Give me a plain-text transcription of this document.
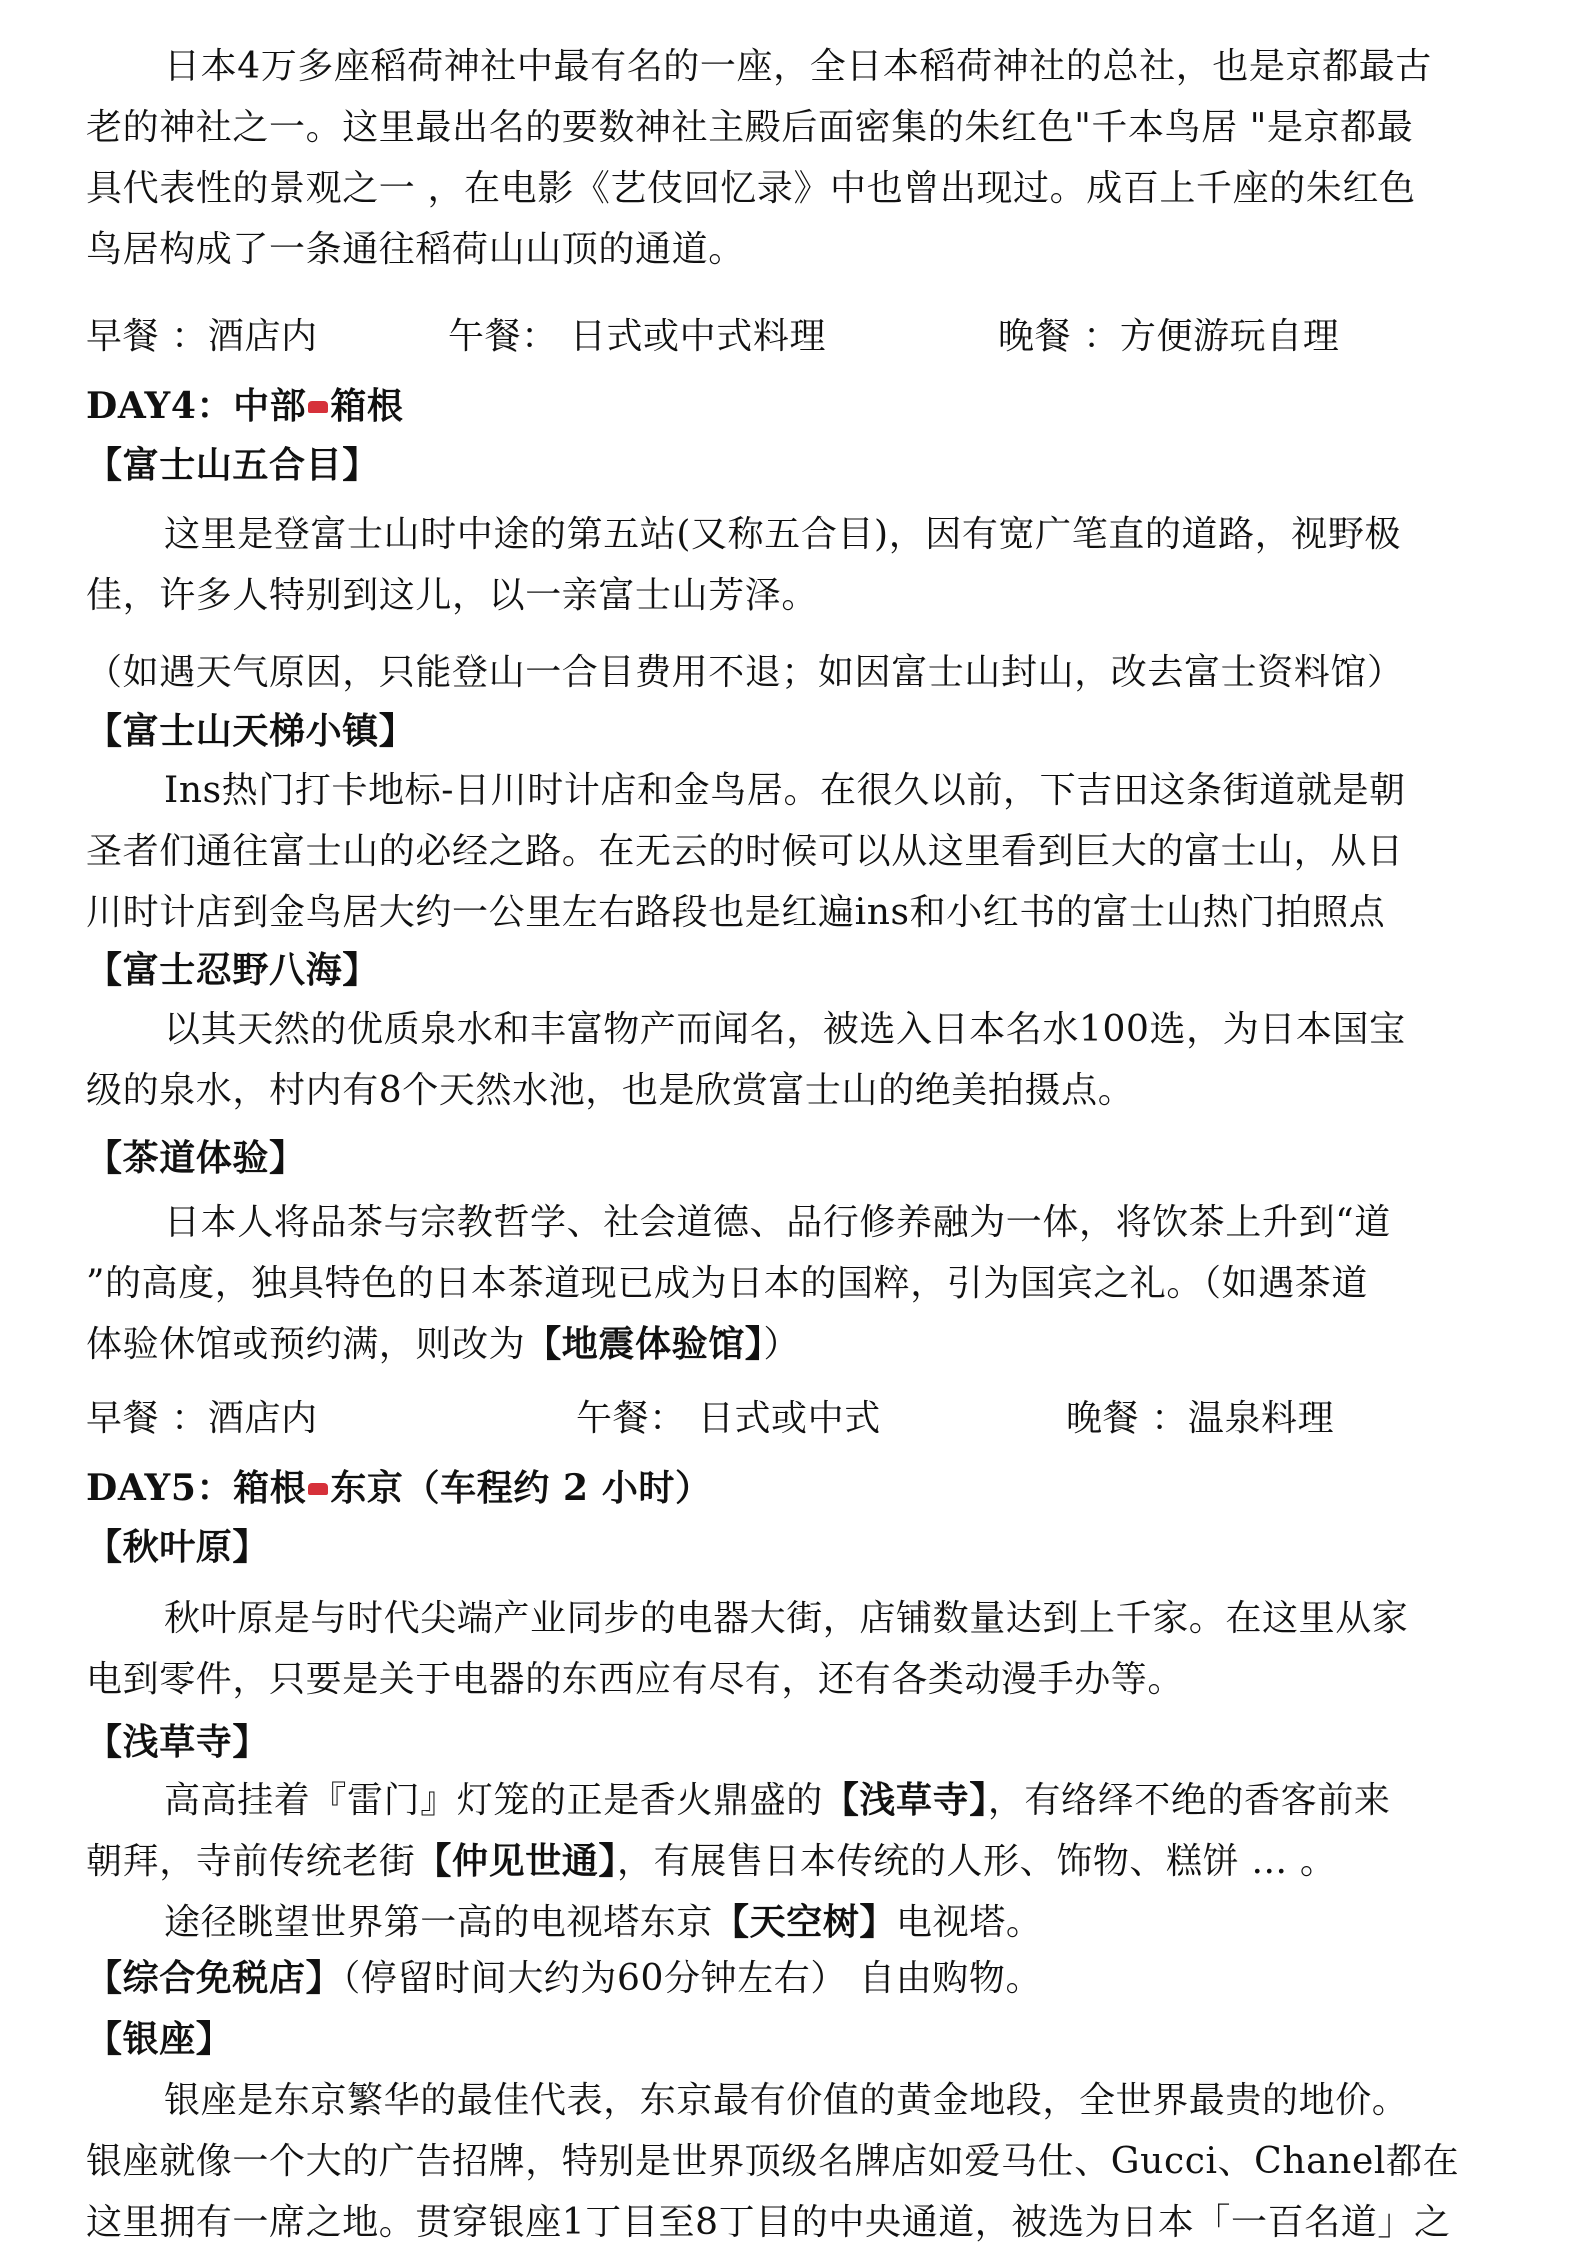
日本4万多座稻荷神社中最有名的一座，全日本稻荷神社的总社，也是京都最古
老的神社之一。这里最出名的要数神社主殿后面密集的朱红色"千本鸟居 "是京都最
具代表性的景观之一 ，在电影《艺伎回忆录》中也曾出现过。成百上千座的朱红色
鸟居构成了一条通往稻荷山山顶的通道。
早餐 ：酒店内	午餐： 日式或中式料理	晚餐 ：方便游玩自理
DAY4：中部 箱根
【富士山五合目】
这里是登富士山时中途的第五站(又称五合目)，因有宽广笔直的道路，视野极
佳，许多人特别到这儿，以一亲富士山芳泽。
（如遇天气原因，只能登山一合目费用不退；如因富士山封山，改去富士资料馆）
【富士山天梯小镇】
Ins热门打卡地标-日川时计店和金鸟居。在很久以前，下吉田这条街道就是朝
圣者们通往富士山的必经之路。在无云的时候可以从这里看到巨大的富士山，从日
川时计店到金鸟居大约一公里左右路段也是红遍ins和小红书的富士山热门拍照点
【富士忍野八海】
以其天然的优质泉水和丰富物产而闻名，被选入日本名水100选，为日本国宝
级的泉水，村内有8个天然水池，也是欣赏富士山的绝美拍摄点。
【茶道体验】
日本人将品茶与宗教哲学、社会道德、品行修养融为一体，将饮茶上升到“道
”的高度，独具特色的日本茶道现已成为日本的国粹，引为国宾之礼。（如遇茶道
体验休馆或预约满，则改为【地震体验馆】）
早餐 ：酒店内	午餐： 日式或中式	晚餐 ：温泉料理
DAY5：箱根 东京（车程约 2 小时）
【秋叶原】
秋叶原是与时代尖端产业同步的电器大街，店铺数量达到上千家。在这里从家
电到零件，只要是关于电器的东西应有尽有，还有各类动漫手办等。
【浅草寺】
高高挂着『雷门』灯笼的正是香火鼎盛的【浅草寺】，有络绎不绝的香客前来
朝拜，寺前传统老街【仲见世通】，有展售日本传统的人形、饰物、糕饼 … 。
途径眺望世界第一高的电视塔东京【天空树】电视塔。
【综合免税店】（停留时间大约为60分钟左右） 自由购物。
【银座】
银座是东京繁华的最佳代表，东京最有价值的黄金地段，全世界最贵的地价。
银座就像一个大的广告招牌，特别是世界顶级名牌店如爱马仕、Gucci、Chanel都在
这里拥有一席之地。贯穿银座1丁目至8丁目的中央通道，被选为日本「一百名道」之
